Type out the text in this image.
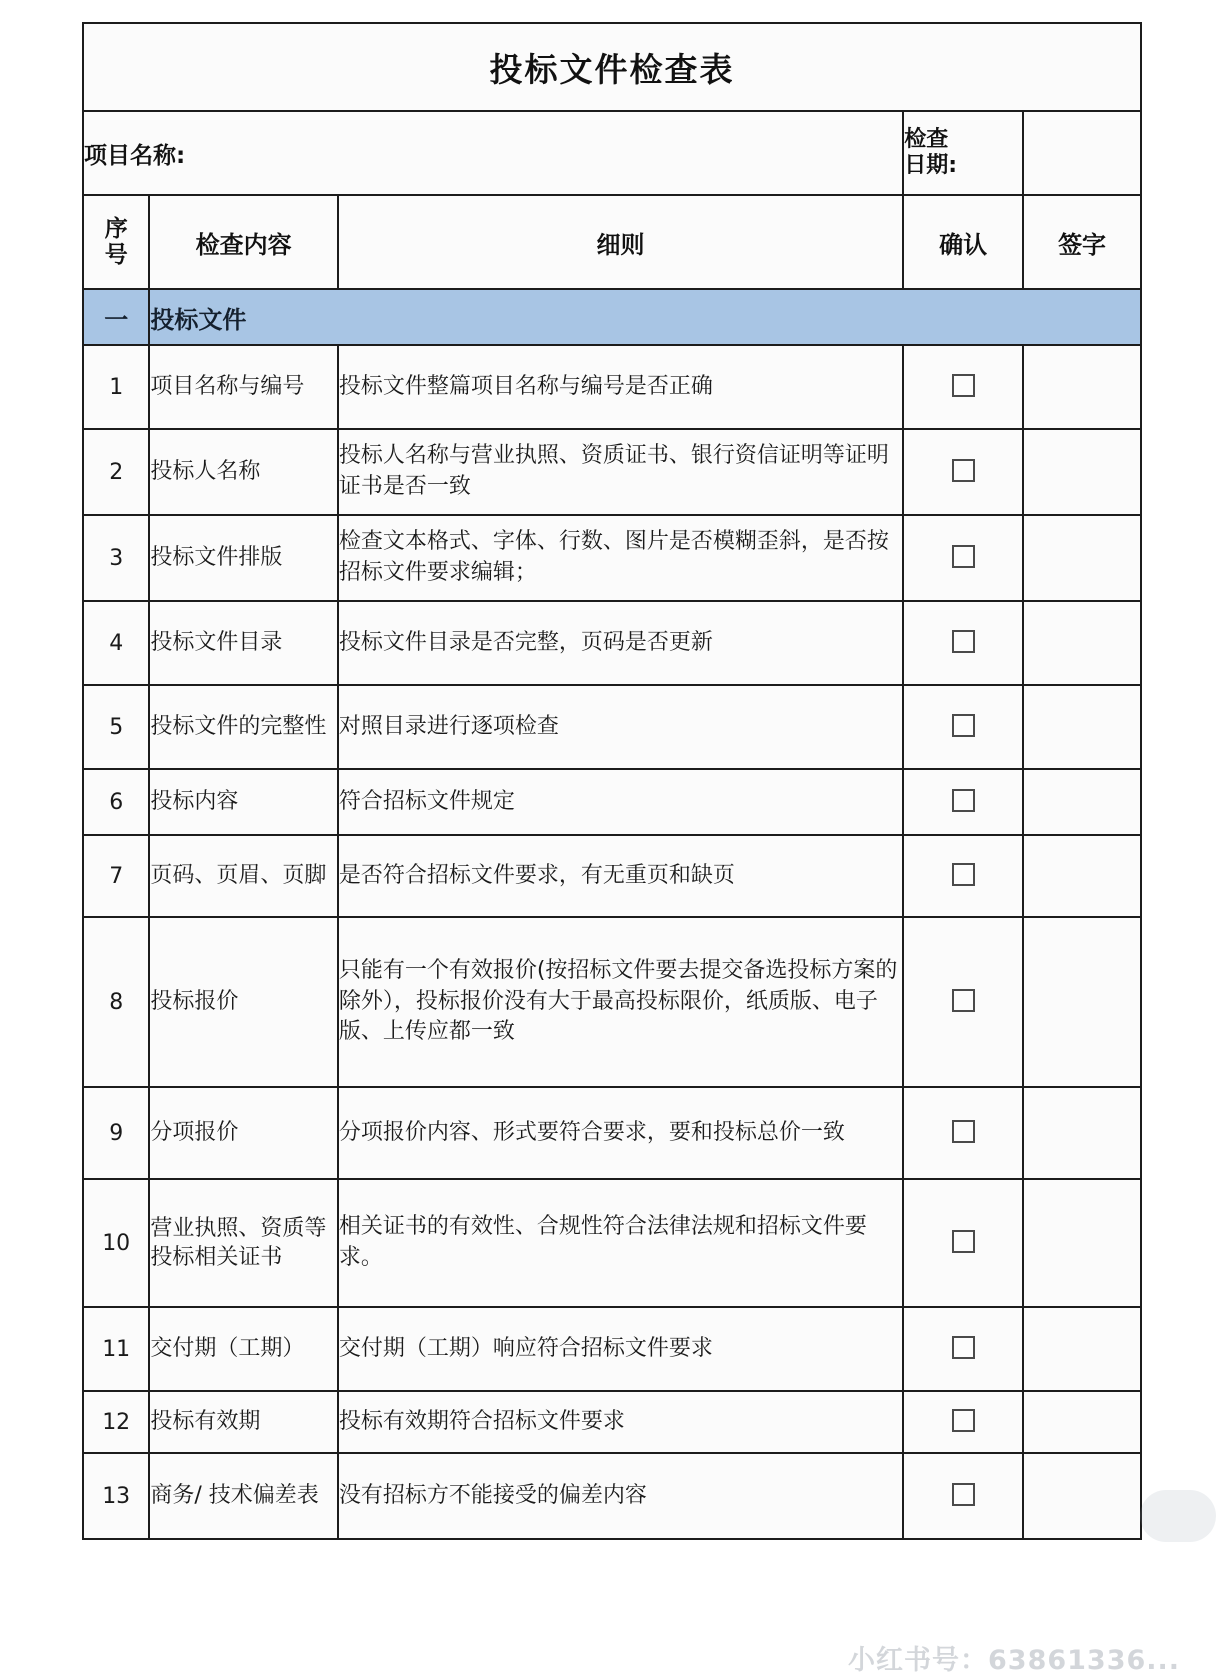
投标文件检查表				
项目名称:			检查
日期:	

序
号	检查内容	细则	确认	签字
一	投标文件			
1	项目名称与编号	投标文件整篇项目名称与编号是否正确		
2	投标人名称	投标人名称与营业执照、资质证书、银行资信证明等证明证书是否一致		
3	投标文件排版	检查文本格式、字体、行数、图片是否模糊歪斜，是否按招标文件要求编辑；		
4	投标文件目录	投标文件目录是否完整，页码是否更新		
5	投标文件的完整性	对照目录进行逐项检查		
6	投标内容	符合招标文件规定		
7	页码、页眉、页脚	是否符合招标文件要求，有无重页和缺页		
8	投标报价	只能有一个有效报价(按招标文件要去提交备选投标方案的除外），投标报价没有大于最高投标限价，纸质版、电子版、上传应都一致		
9	分项报价	分项报价内容、形式要符合要求，要和投标总价一致		
10	营业执照、资质等投标相关证书	相关证书的有效性、合规性符合法律法规和招标文件要求。		
11	交付期（工期）	交付期（工期）响应符合招标文件要求		
12	投标有效期	投标有效期符合招标文件要求		
13	商务/ 技术偏差表	没有招标方不能接受的偏差内容		
小红书号：63861336...
